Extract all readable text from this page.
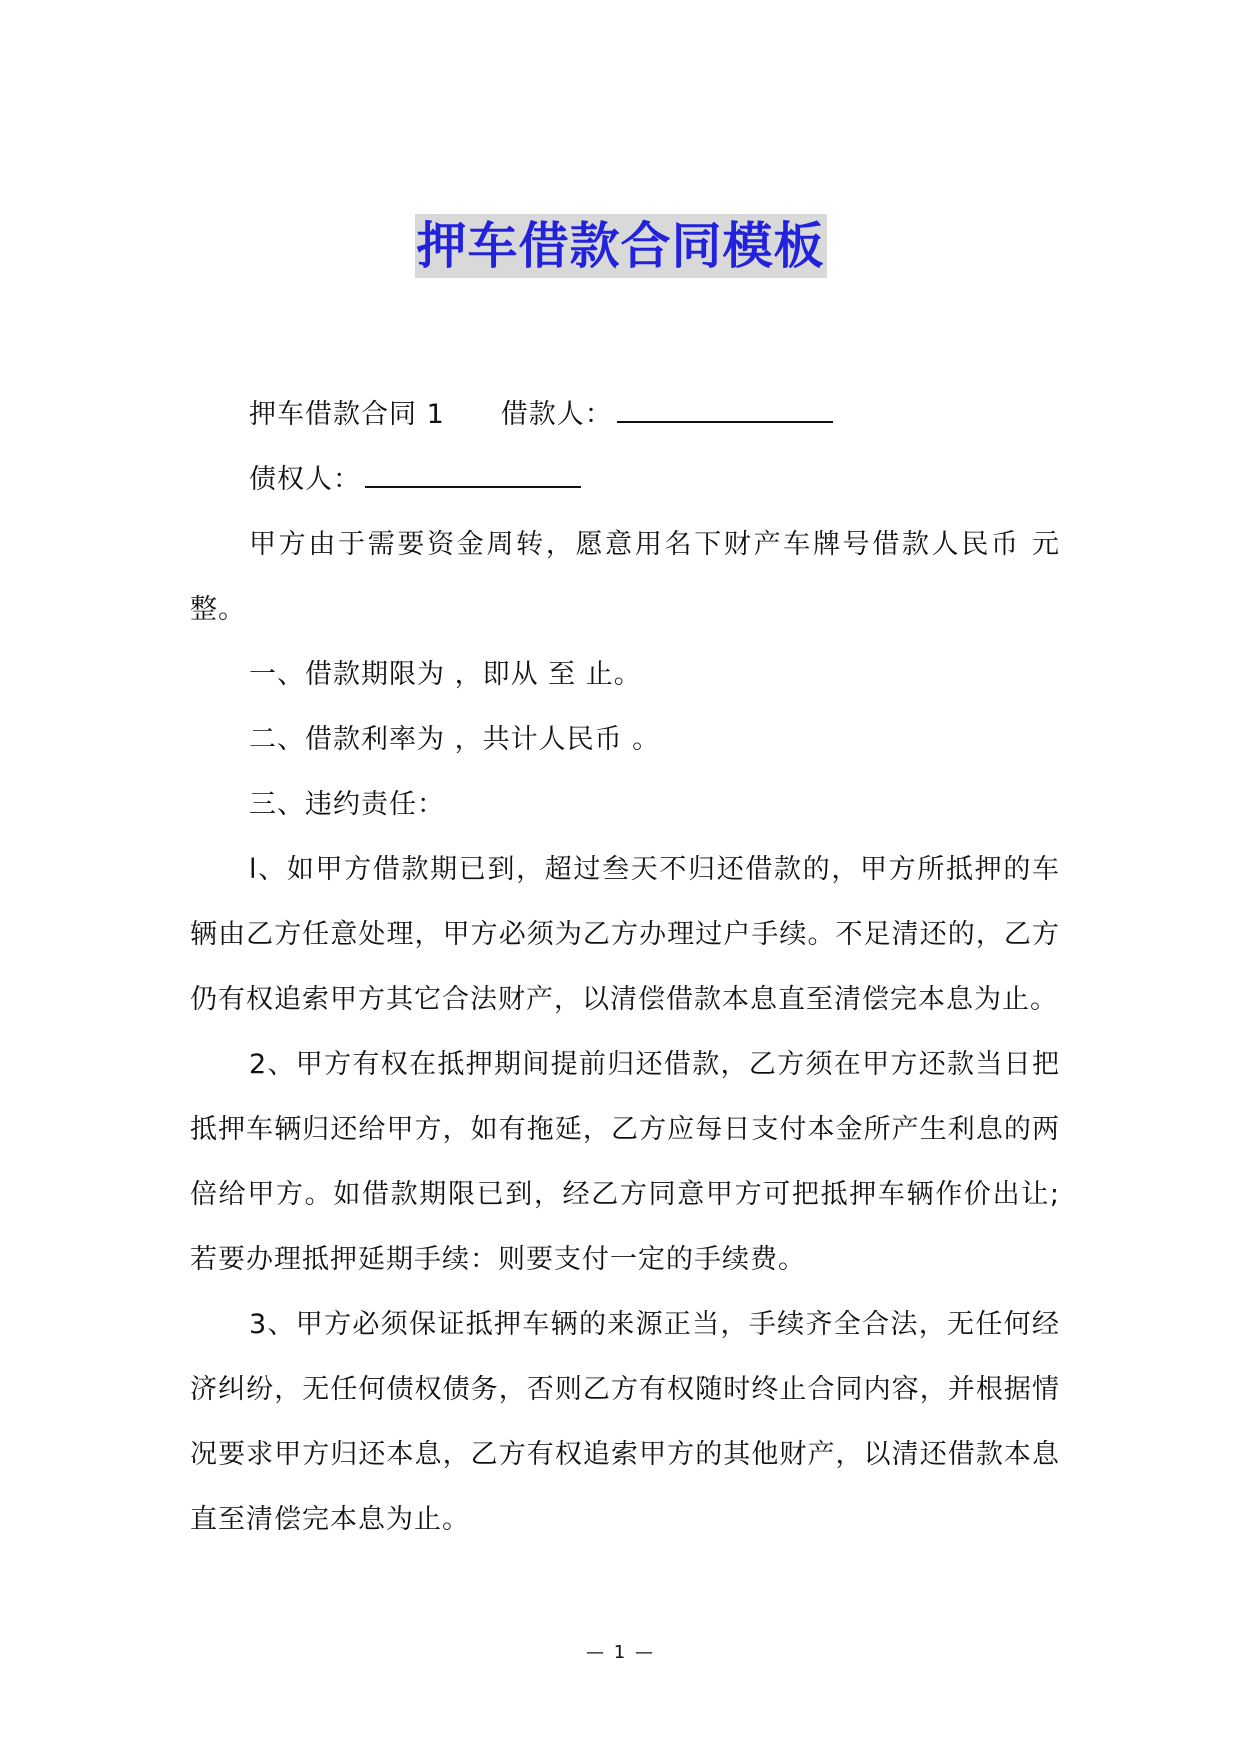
押车借款合同模板

押车借款合同 1 借款人：

债权人：

甲方由于需要资金周转，愿意用名下财产车牌号借款人民币 元整。

一、借款期限为 ，即从 至 止。

二、借款利率为 ，共计人民币 。

三、违约责任：

l、如甲方借款期已到，超过叁天不归还借款的，甲方所抵押的车辆由乙方任意处理，甲方必须为乙方办理过户手续。不足清还的，乙方仍有权追索甲方其它合法财产，以清偿借款本息直至清偿完本息为止。

2、甲方有权在抵押期间提前归还借款，乙方须在甲方还款当日把抵押车辆归还给甲方，如有拖延，乙方应每日支付本金所产生利息的两倍给甲方。如借款期限已到，经乙方同意甲方可把抵押车辆作价出让;若要办理抵押延期手续：则要支付一定的手续费。

3、甲方必须保证抵押车辆的来源正当，手续齐全合法，无任何经济纠纷，无任何债权债务，否则乙方有权随时终止合同内容，并根据情况要求甲方归还本息，乙方有权追索甲方的其他财产，以清还借款本息直至清偿完本息为止。

— 1 —
